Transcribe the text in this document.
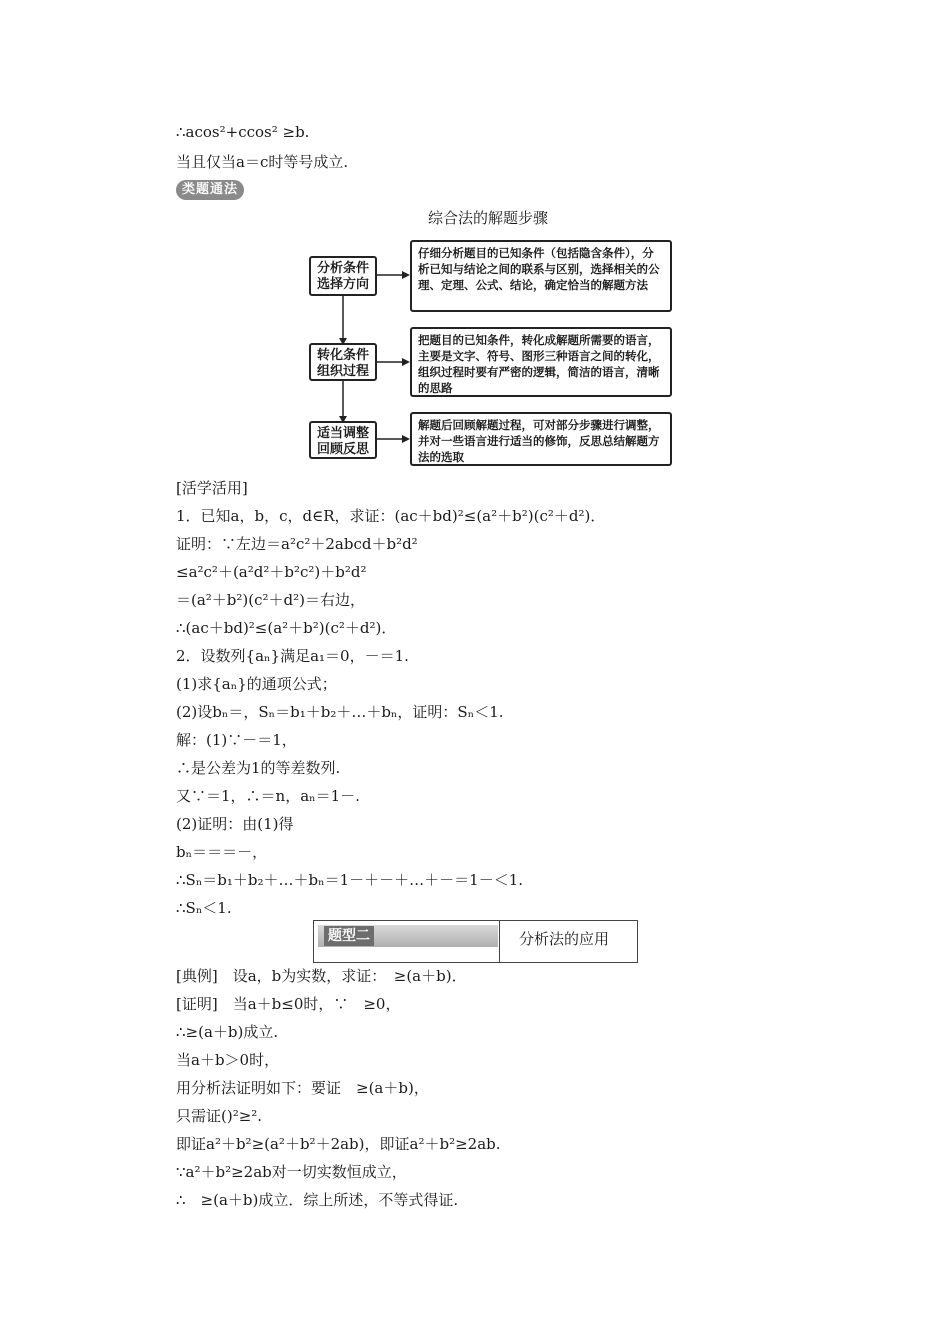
∴acos²+ccos² ≥b.
当且仅当a＝c时等号成立.
类题通法
综合法的解题步骤
分析条件
选择方向
仔细分析题目的已知条件（包括隐含条件），分析已知与结论之间的联系与区别，选择相关的公理、定理、公式、结论，确定恰当的解题方法
转化条件
组织过程
把题目的已知条件，转化成解题所需要的语言，主要是文字、符号、图形三种语言之间的转化，组织过程时要有严密的逻辑，简洁的语言，清晰的思路
适当调整
回顾反思
解题后回顾解题过程，可对部分步骤进行调整，并对一些语言进行适当的修饰，反思总结解题方法的选取
[活学活用]
1．已知a，b，c，d∈R，求证：(ac＋bd)²≤(a²＋b²)(c²＋d²)．
证明：∵左边＝a²c²＋2abcd＋b²d²
≤a²c²＋(a²d²＋b²c²)＋b²d²
＝(a²＋b²)(c²＋d²)＝右边，
∴(ac＋bd)²≤(a²＋b²)(c²＋d²)．
2．设数列{aₙ}满足a₁＝0，－＝1.
(1)求{aₙ}的通项公式；
(2)设bₙ＝，Sₙ＝b₁＋b₂＋…＋bₙ，证明：Sₙ＜1.
解：(1)∵－＝1，
∴是公差为1的等差数列.
又∵＝1，∴＝n，aₙ＝1－.
(2)证明：由(1)得
bₙ＝＝＝－，
∴Sₙ＝b₁＋b₂＋…＋bₙ＝1－＋－＋…＋－＝1－＜1.
∴Sₙ＜1.
题型二	分析法的应用
[典例]　设a，b为实数，求证：　≥(a＋b)．
[证明]　当a＋b≤0时，∵　≥0，
∴≥(a＋b)成立.
当a＋b＞0时，
用分析法证明如下：要证　≥(a＋b)，
只需证()²≥².
即证a²＋b²≥(a²＋b²＋2ab)，即证a²＋b²≥2ab.
∵a²＋b²≥2ab对一切实数恒成立，
∴　≥(a＋b)成立．综上所述，不等式得证.
